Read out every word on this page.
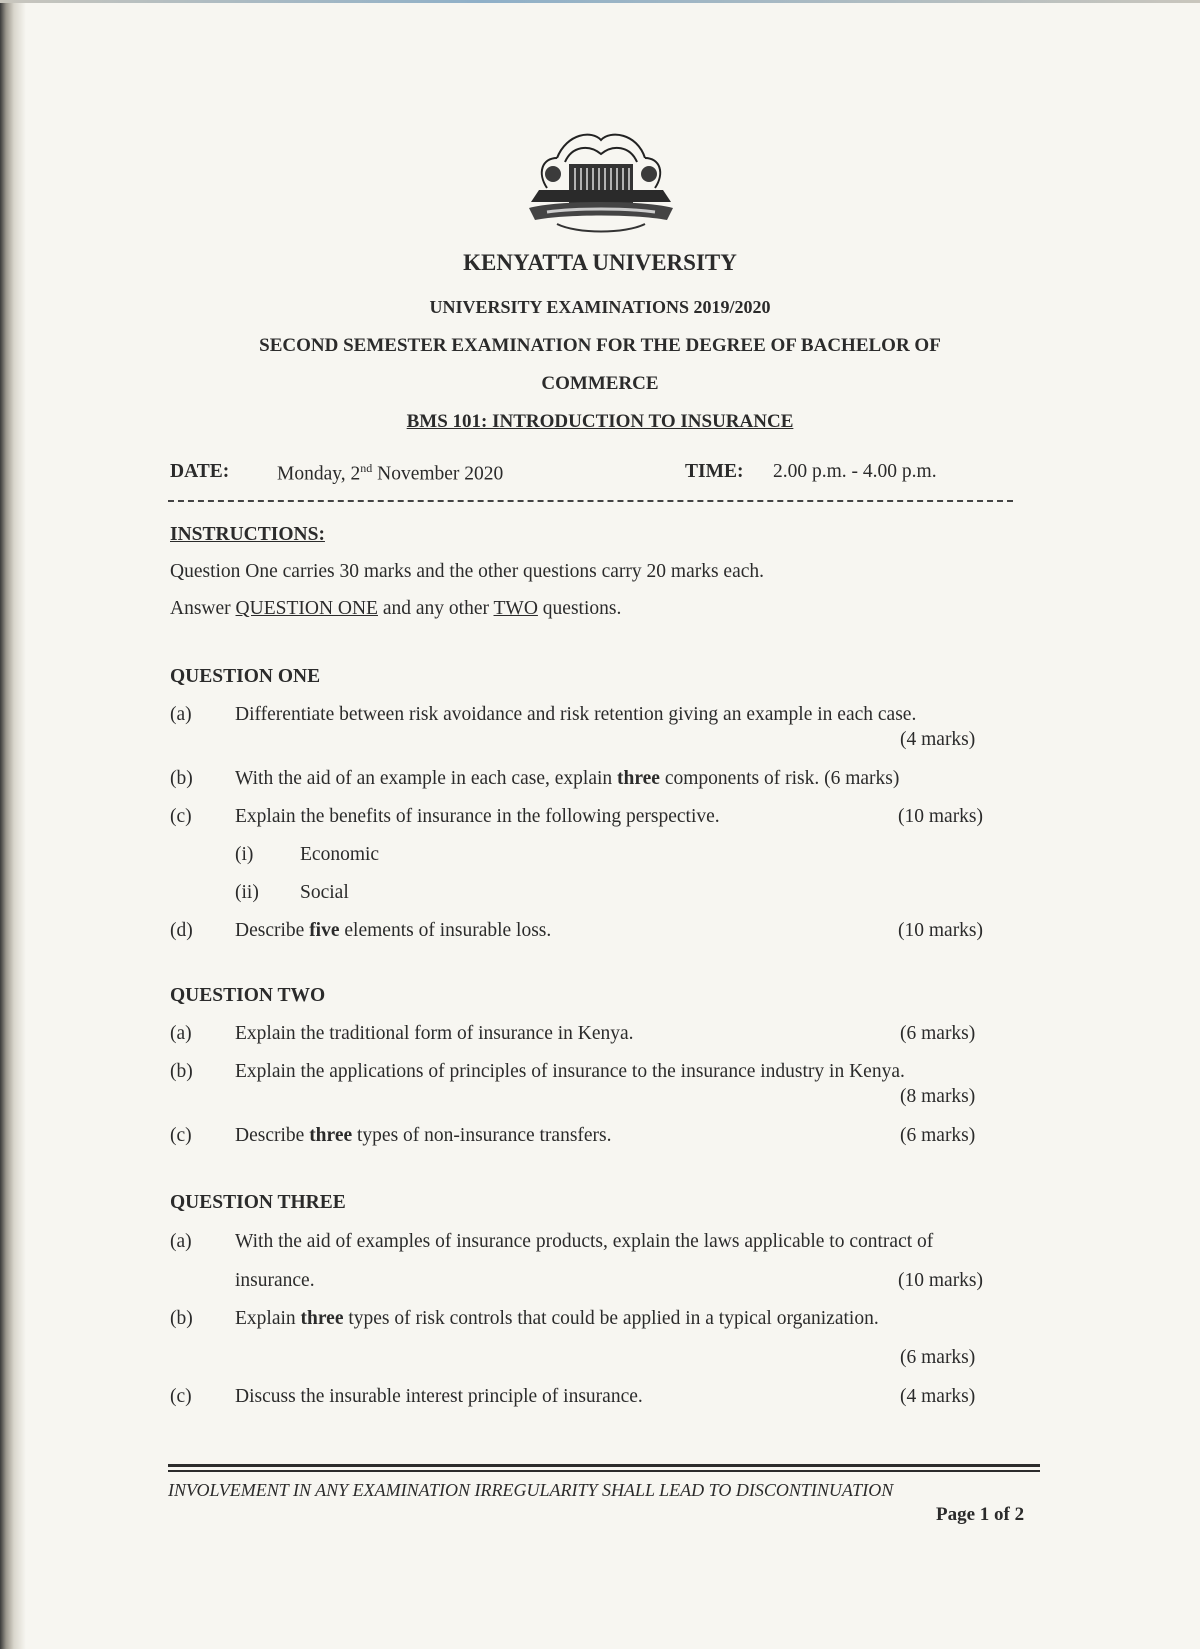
KENYATTA UNIVERSITY
UNIVERSITY EXAMINATIONS 2019/2020
SECOND SEMESTER EXAMINATION FOR THE DEGREE OF BACHELOR OF
COMMERCE
BMS 101: INTRODUCTION TO INSURANCE
DATE: Monday, 2nd November 2020	TIME: 2.00 p.m. - 4.00 p.m.
INSTRUCTIONS:
Question One carries 30 marks and the other questions carry 20 marks each.
Answer QUESTION ONE and any other TWO questions.
QUESTION ONE
(a) Differentiate between risk avoidance and risk retention giving an example in each case.
(4 marks)
(b) With the aid of an example in each case, explain three components of risk. (6 marks)
(c) Explain the benefits of insurance in the following perspective.	(10 marks)
(i) Economic
(ii) Social
(d) Describe five elements of insurable loss.	(10 marks)
QUESTION TWO
(a) Explain the traditional form of insurance in Kenya.	(6 marks)
(b) Explain the applications of principles of insurance to the insurance industry in Kenya.
(8 marks)
(c) Describe three types of non-insurance transfers.	(6 marks)
QUESTION THREE
(a) With the aid of examples of insurance products, explain the laws applicable to contract of
insurance.	(10 marks)
(b) Explain three types of risk controls that could be applied in a typical organization.
(6 marks)
(c) Discuss the insurable interest principle of insurance.	(4 marks)
INVOLVEMENT IN ANY EXAMINATION IRREGULARITY SHALL LEAD TO DISCONTINUATION
Page 1 of 2
